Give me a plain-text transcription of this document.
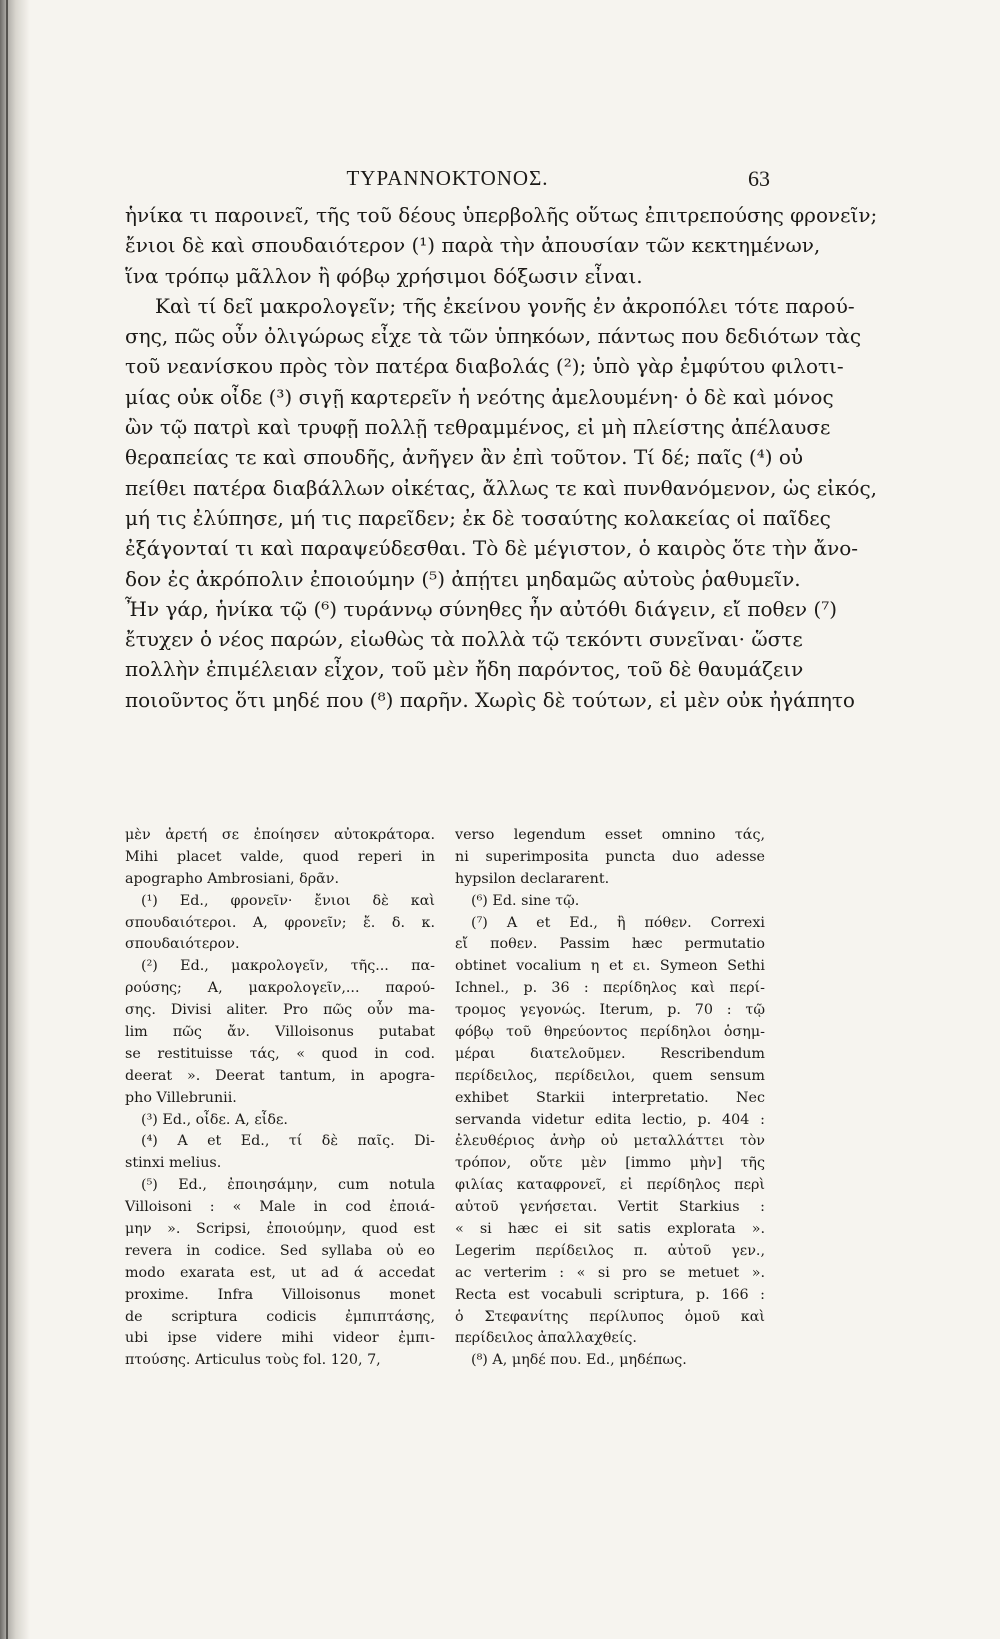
ΤΥΡΑΝΝΟΚΤΟΝΟΣ.	63
ἡνίκα τι παροινεῖ, τῆς τοῦ δέους ὑπερβολῆς οὕτως ἐπιτρεπούσης φρονεῖν;
ἔνιοι δὲ καὶ σπουδαιότερον (¹) παρὰ τὴν ἀπουσίαν τῶν κεκτημένων,
ἵνα τρόπῳ μᾶλλον ἢ φόβῳ χρήσιμοι δόξωσιν εἶναι.
Καὶ τί δεῖ μακρολογεῖν; τῆς ἐκείνου γονῆς ἐν ἀκροπόλει τότε παρού-
σης, πῶς οὖν ὀλιγώρως εἶχε τὰ τῶν ὑπηκόων, πάντως που δεδιότων τὰς
τοῦ νεανίσκου πρὸς τὸν πατέρα διαβολάς (²); ὑπὸ γὰρ ἐμφύτου φιλοτι-
μίας οὐκ οἶδε (³) σιγῇ καρτερεῖν ἡ νεότης ἀμελουμένη· ὁ δὲ καὶ μόνος
ὢν τῷ πατρὶ καὶ τρυφῇ πολλῇ τεθραμμένος, εἰ μὴ πλείστης ἀπέλαυσε
θεραπείας τε καὶ σπουδῆς, ἀνῆγεν ἂν ἐπὶ τοῦτον. Τί δέ; παῖς (⁴) οὐ
πείθει πατέρα διαβάλλων οἰκέτας, ἄλλως τε καὶ πυνθανόμενον, ὡς εἰκός,
μή τις ἐλύπησε, μή τις παρεῖδεν; ἐκ δὲ τοσαύτης κολακείας οἱ παῖδες
ἐξάγονταί τι καὶ παραψεύδεσθαι. Τὸ δὲ μέγιστον, ὁ καιρὸς ὅτε τὴν ἄνο-
δον ἐς ἀκρόπολιν ἐποιούμην (⁵) ἀπῄτει μηδαμῶς αὐτοὺς ῥαθυμεῖν.
Ἦν γάρ, ἡνίκα τῷ (⁶) τυράννῳ σύνηθες ἦν αὐτόθι διάγειν, εἴ ποθεν (⁷)
ἔτυχεν ὁ νέος παρών, εἰωθὼς τὰ πολλὰ τῷ τεκόντι συνεῖναι· ὥστε
πολλὴν ἐπιμέλειαν εἶχον, τοῦ μὲν ἤδη παρόντος, τοῦ δὲ θαυμάζειν
ποιοῦντος ὅτι μηδέ που (⁸) παρῆν. Χωρὶς δὲ τούτων, εἰ μὲν οὐκ ἠγάπητο
μὲν ἀρετή σε ἐποίησεν αὐτοκράτορα.
Mihi placet valde, quod reperi in
apographo Ambrosiani, δρᾶν.
(¹) Ed., φρονεῖν· ἔνιοι δὲ καὶ
σπουδαιότεροι. A, φρονεῖν; ἔ. δ. κ.
σπουδαιότερον.
(²) Ed., μακρολογεῖν, τῆς... πα-
ρούσης; A, μακρολογεῖν,... παρού-
σης. Divisi aliter. Pro πῶς οὖν ma-
lim πῶς ἄν. Villoisonus putabat
se restituisse τάς, « quod in cod.
deerat ». Deerat tantum, in apogra-
pho Villebrunii.
(³) Ed., οἶδε. A, εἶδε.
(⁴) A et Ed., τί δὲ παῖς. Di-
stinxi melius.
(⁵) Ed., ἐποιησάμην, cum notula
Villoisoni : « Male in cod ἐποιά-
μην ». Scripsi, ἐποιούμην, quod est
revera in codice. Sed syllaba οὐ eo
modo exarata est, ut ad ά accedat
proxime. Infra Villoisonus monet
de scriptura codicis ἐμπιπτάσης,
ubi ipse videre mihi videor ἐμπι-
πτούσης. Articulus τοὺς fol. 120, 7,
verso legendum esset omnino τάς,
ni superimposita puncta duo adesse
hypsilon declararent.
(⁶) Ed. sine τῷ.
(⁷) A et Ed., ἢ πόθεν. Correxi
εἴ ποθεν. Passim hæc permutatio
obtinet vocalium η et ει. Symeon Sethi
Ichnel., p. 36 : περίδηλος καὶ περί-
τρομος γεγονώς. Iterum, p. 70 : τῷ
φόβῳ τοῦ θηρεύοντος περίδηλοι ὁσημ-
μέραι διατελοῦμεν. Rescribendum
περίδειλος, περίδειλοι, quem sensum
exhibet Starkii interpretatio. Nec
servanda videtur edita lectio, p. 404 :
ἐλευθέριος ἀνὴρ οὐ μεταλλάττει τὸν
τρόπον, οὔτε μὲν [immo μὴν] τῆς
φιλίας καταφρονεῖ, εἰ περίδηλος περὶ
αὐτοῦ γενήσεται. Vertit Starkius :
« si hæc ei sit satis explorata ».
Legerim περίδειλος π. αὐτοῦ γεν.,
ac verterim : « si pro se metuet ».
Recta est vocabuli scriptura, p. 166 :
ὁ Στεφανίτης περίλυπος ὁμοῦ καὶ
περίδειλος ἀπαλλαχθείς.
(⁸) A, μηδέ που. Ed., μηδέπως.
